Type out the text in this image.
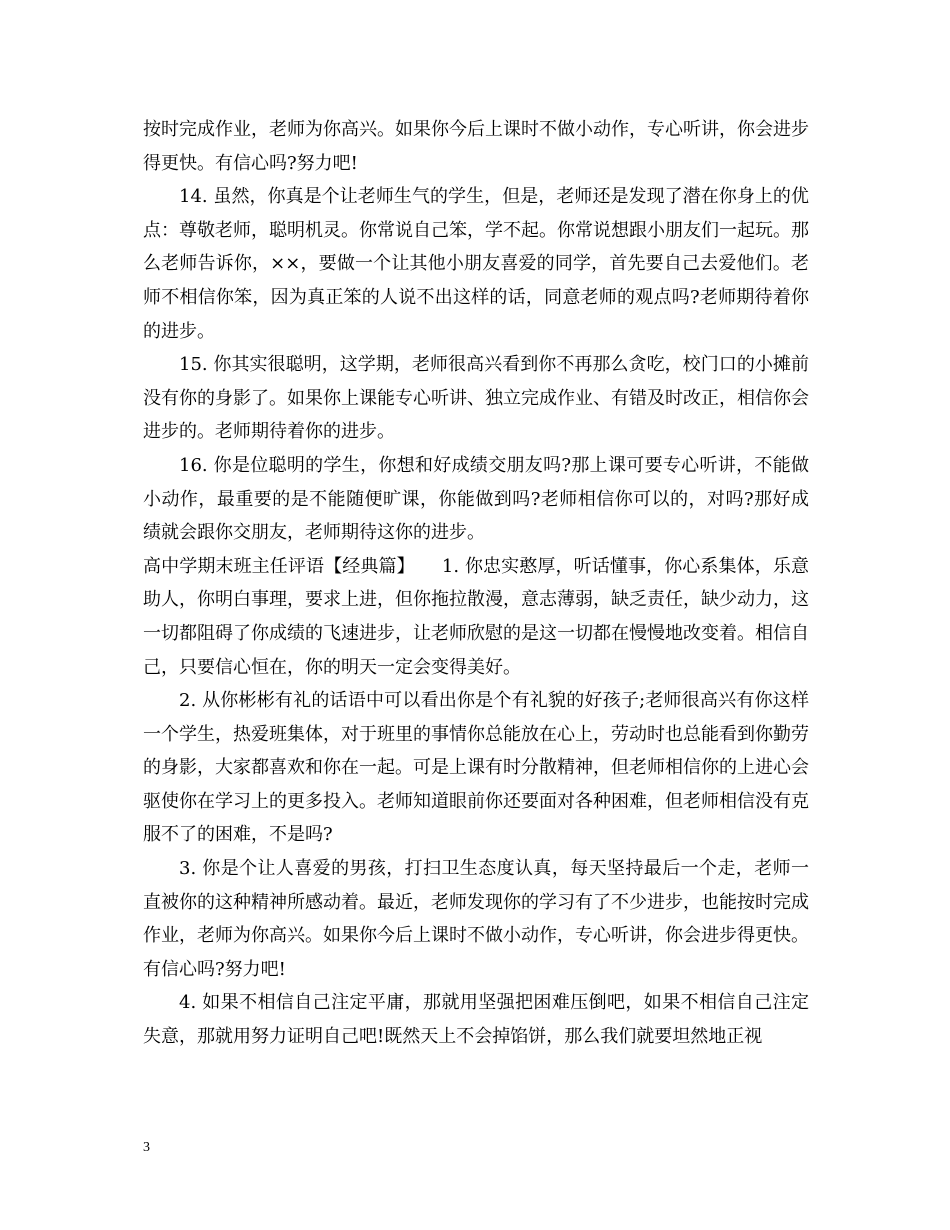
按时完成作业，老师为你高兴。如果你今后上课时不做小动作，专心听讲，你会进步得更快。有信心吗?努力吧!

14. 虽然，你真是个让老师生气的学生，但是，老师还是发现了潜在你身上的优点：尊敬老师，聪明机灵。你常说自己笨，学不起。你常说想跟小朋友们一起玩。那么老师告诉你，××，要做一个让其他小朋友喜爱的同学，首先要自己去爱他们。老师不相信你笨，因为真正笨的人说不出这样的话，同意老师的观点吗?老师期待着你的进步。

15. 你其实很聪明，这学期，老师很高兴看到你不再那么贪吃，校门口的小摊前没有你的身影了。如果你上课能专心听讲、独立完成作业、有错及时改正，相信你会进步的。老师期待着你的进步。

16. 你是位聪明的学生，你想和好成绩交朋友吗?那上课可要专心听讲，不能做小动作，最重要的是不能随便旷课，你能做到吗?老师相信你可以的，对吗?那好成绩就会跟你交朋友，老师期待这你的进步。

高中学期末班主任评语【经典篇】　　1. 你忠实憨厚，听话懂事，你心系集体，乐意助人，你明白事理，要求上进，但你拖拉散漫，意志薄弱，缺乏责任，缺少动力，这一切都阻碍了你成绩的飞速进步，让老师欣慰的是这一切都在慢慢地改变着。相信自己，只要信心恒在，你的明天一定会变得美好。

2. 从你彬彬有礼的话语中可以看出你是个有礼貌的好孩子;老师很高兴有你这样一个学生，热爱班集体，对于班里的事情你总能放在心上，劳动时也总能看到你勤劳的身影，大家都喜欢和你在一起。可是上课有时分散精神，但老师相信你的上进心会驱使你在学习上的更多投入。老师知道眼前你还要面对各种困难，但老师相信没有克服不了的困难，不是吗?

3. 你是个让人喜爱的男孩，打扫卫生态度认真，每天坚持最后一个走，老师一直被你的这种精神所感动着。最近，老师发现你的学习有了不少进步，也能按时完成作业，老师为你高兴。如果你今后上课时不做小动作，专心听讲，你会进步得更快。有信心吗?努力吧!

4. 如果不相信自己注定平庸，那就用坚强把困难压倒吧，如果不相信自己注定失意，那就用努力证明自己吧!既然天上不会掉馅饼，那么我们就要坦然地正视

3
